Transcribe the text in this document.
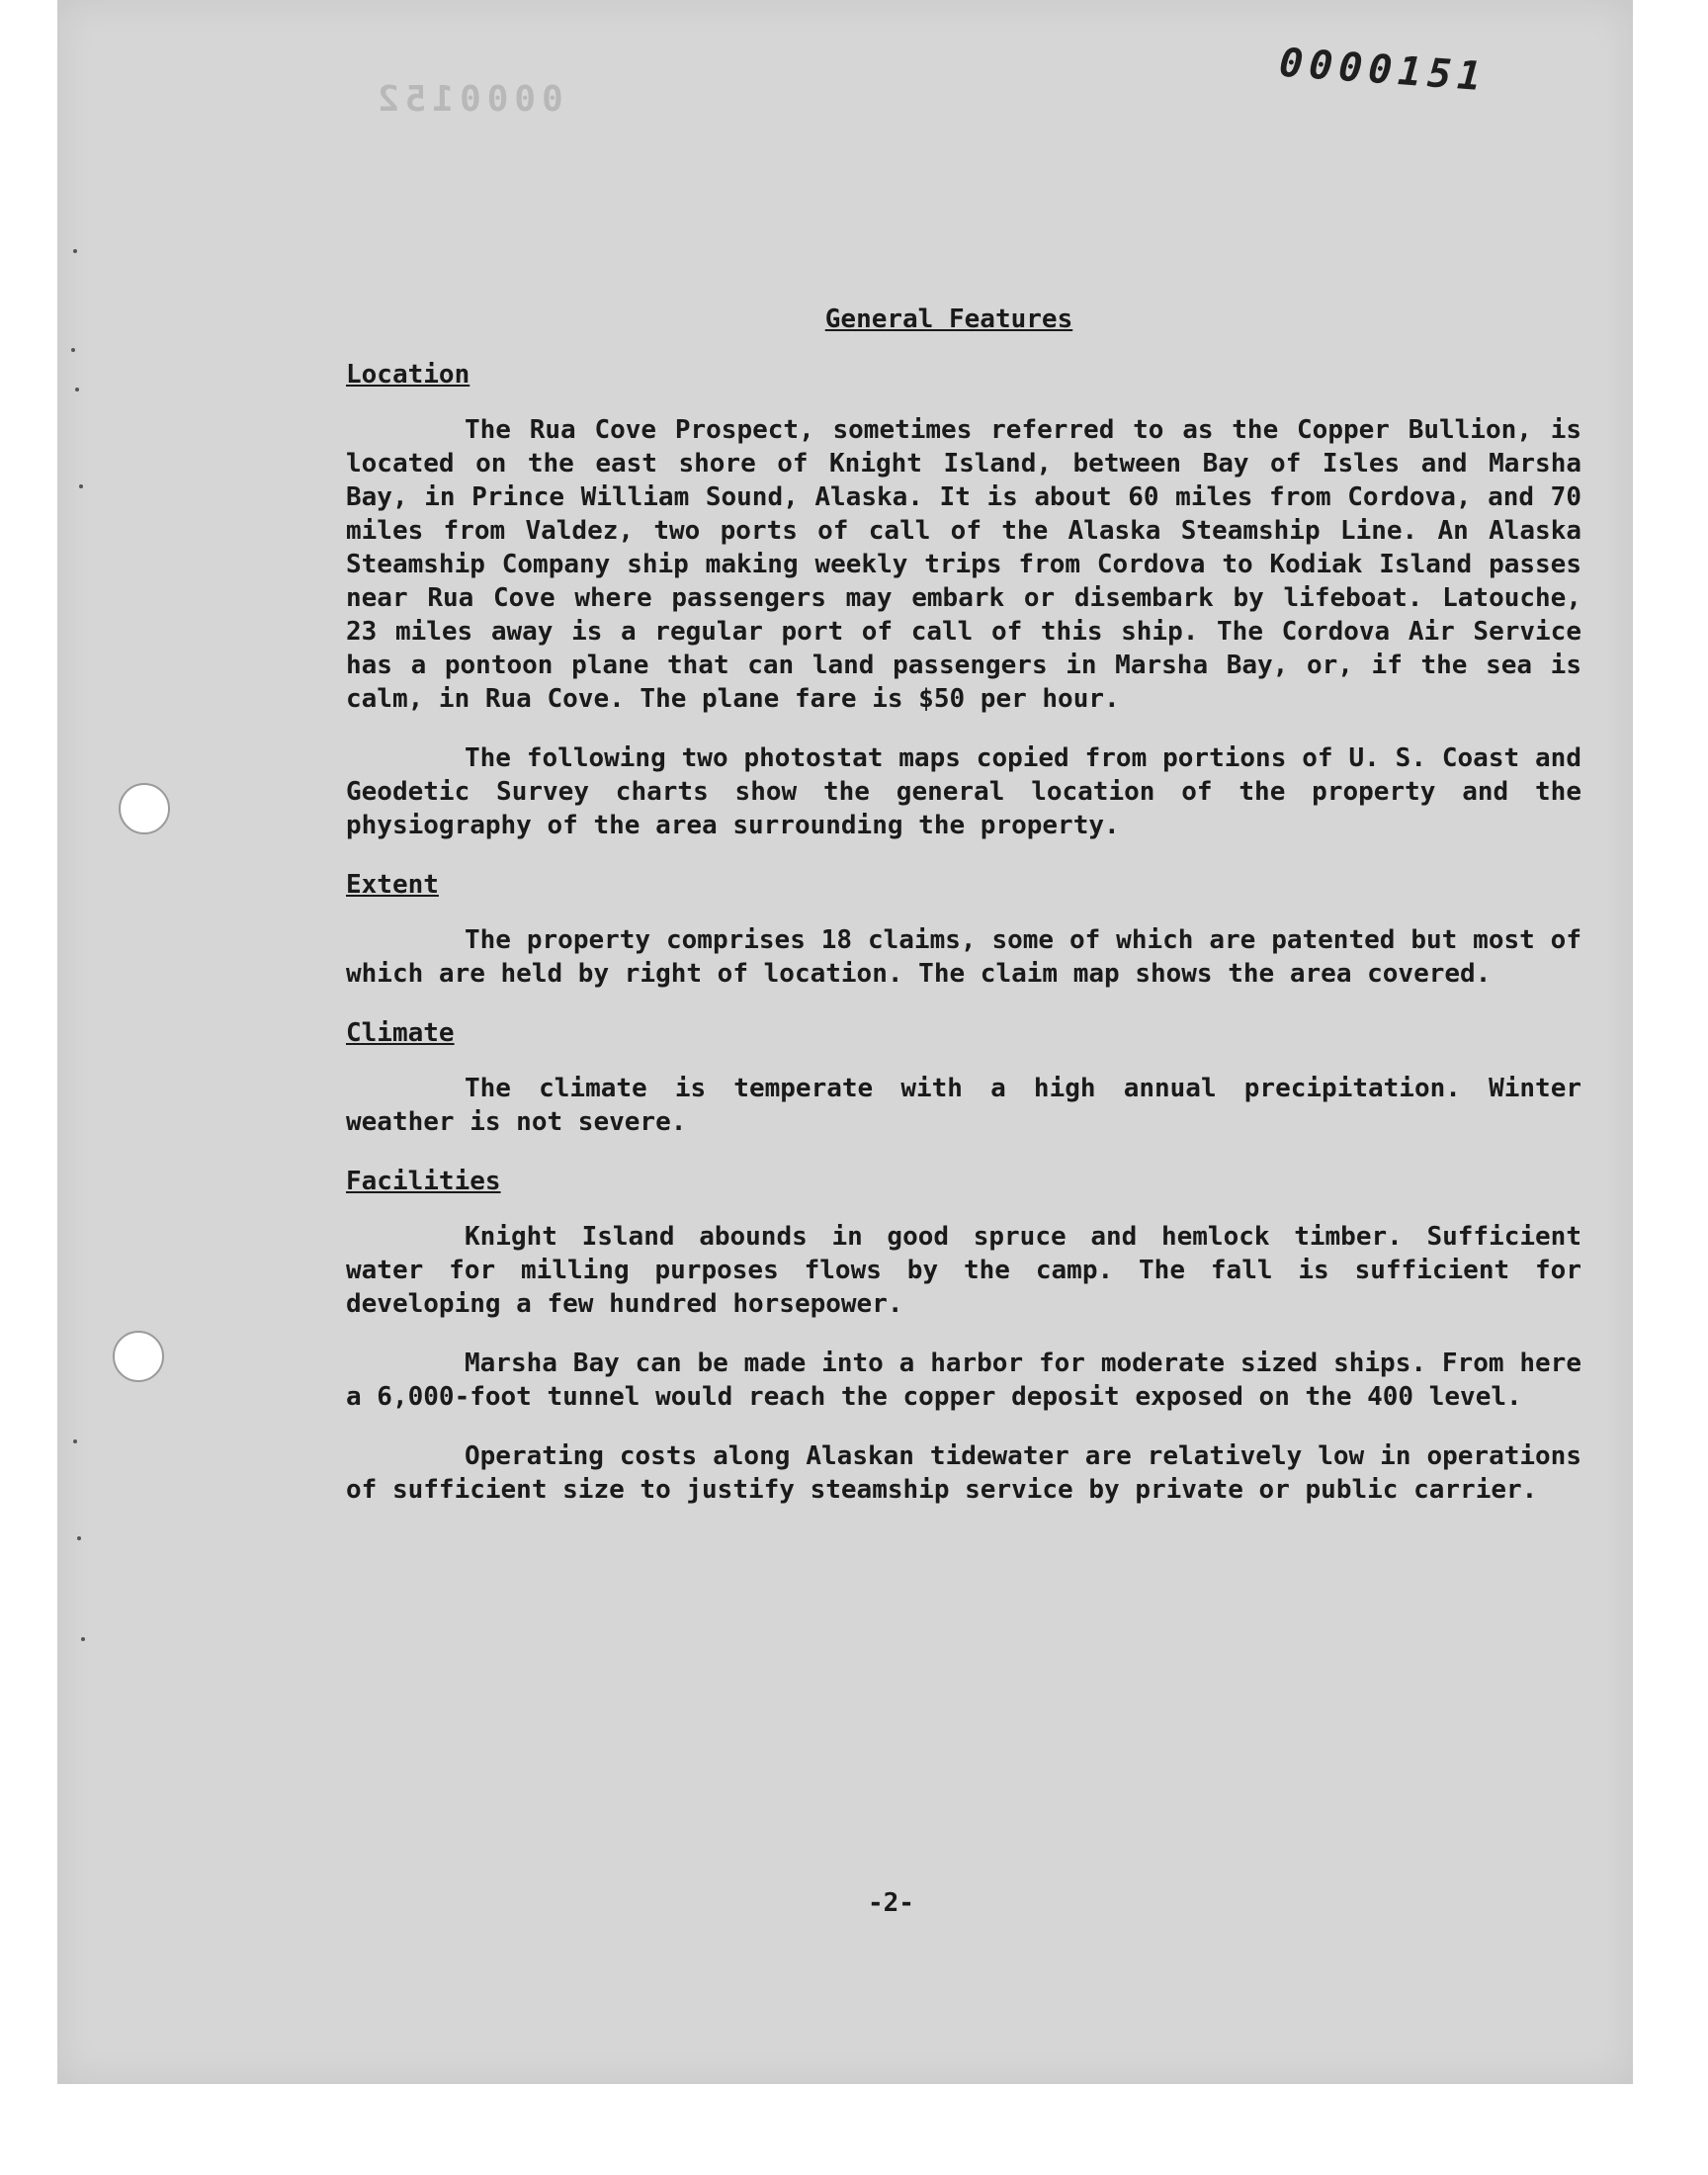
0000152	0000151
General Features
Location

The Rua Cove Prospect, sometimes referred to as the Copper Bullion, is located on the east shore of Knight Island, between Bay of Isles and Marsha Bay, in Prince William Sound, Alaska. It is about 60 miles from Cordova, and 70 miles from Valdez, two ports of call of the Alaska Steamship Line. An Alaska Steamship Company ship making weekly trips from Cordova to Kodiak Island passes near Rua Cove where passengers may embark or disembark by lifeboat. Latouche, 23 miles away is a regular port of call of this ship. The Cordova Air Service has a pontoon plane that can land passengers in Marsha Bay, or, if the sea is calm, in Rua Cove. The plane fare is $50 per hour.

The following two photostat maps copied from portions of U. S. Coast and Geodetic Survey charts show the general location of the property and the physiography of the area surrounding the property.

Extent

The property comprises 18 claims, some of which are patented but most of which are held by right of location. The claim map shows the area covered.

Climate

The climate is temperate with a high annual precipitation. Winter weather is not severe.

Facilities

Knight Island abounds in good spruce and hemlock timber. Sufficient water for milling purposes flows by the camp. The fall is sufficient for developing a few hundred horsepower.

Marsha Bay can be made into a harbor for moderate sized ships. From here a 6,000-foot tunnel would reach the copper deposit exposed on the 400 level.

Operating costs along Alaskan tidewater are relatively low in operations of sufficient size to justify steamship service by private or public carrier.

-2-
